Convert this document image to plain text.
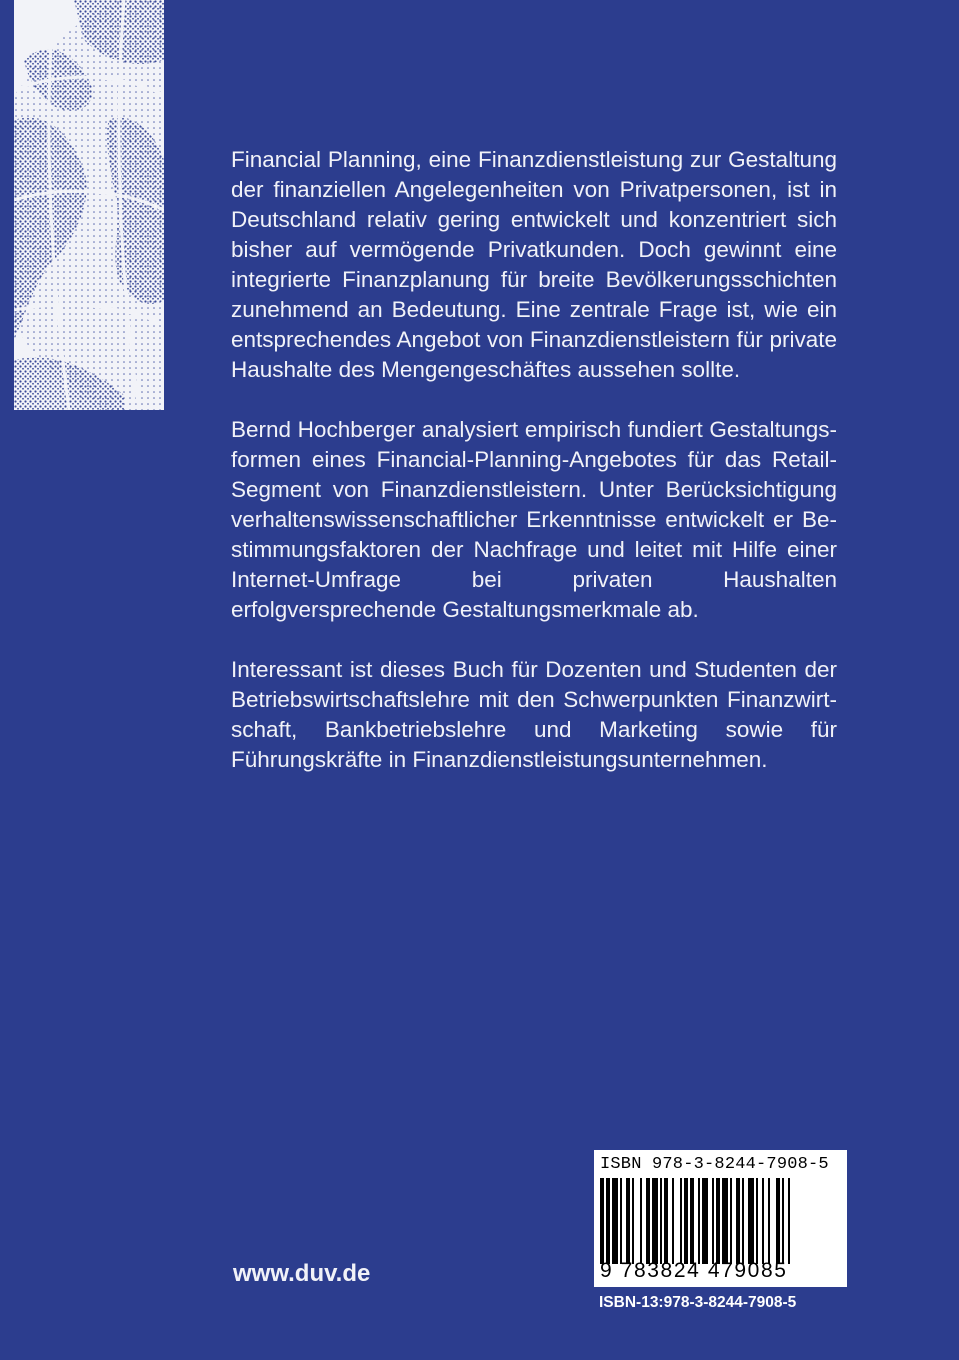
Financial Planning, eine Finanzdienstleistung zur Gestaltung der finanziellen Angelegenheiten von Privatpersonen, ist in Deutschland relativ gering entwickelt und konzentriert sich bisher auf vermögende Privatkunden. Doch gewinnt eine integrierte Finanzplanung für breite Bevölkerungsschichten zunehmend an Bedeutung. Eine zentrale Frage ist, wie ein entsprechendes Angebot von Finanzdienstleistern für private Haushalte des Mengengeschäftes aussehen sollte.

Bernd Hochberger analysiert empirisch fundiert Gestaltungsformen eines Financial-Planning-Angebotes für das Retail-Segment von Finanzdienstleistern. Unter Berücksichtigung verhaltenswissenschaftlicher Erkenntnisse entwickelt er Bestimmungsfaktoren der Nachfrage und leitet mit Hilfe einer Internet-Umfrage bei privaten Haushalten erfolgversprechende Gestaltungsmerkmale ab.

Interessant ist dieses Buch für Dozenten und Studenten der Betriebswirtschaftslehre mit den Schwerpunkten Finanzwirtschaft, Bankbetriebslehre und Marketing sowie für Führungskräfte in Finanzdienstleistungsunternehmen.

www.duv.de
ISBN 978-3-8244-7908-5
9 783824 479085
ISBN-13:978-3-8244-7908-5
